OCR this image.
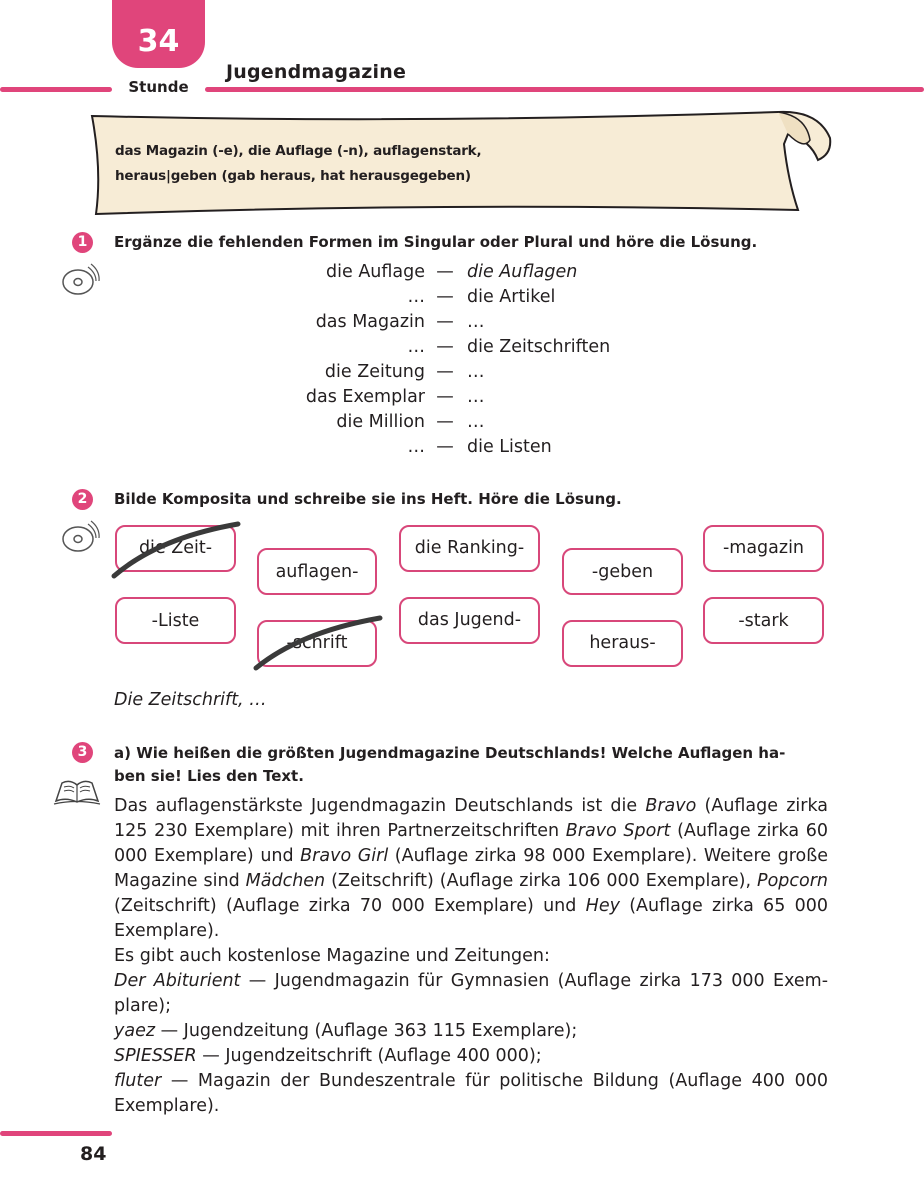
34
Stunde
Jugendmagazine
das Magazin (-e), die Auflage (-n), auflagenstark,
heraus|geben (gab heraus, hat herausgegeben)
1	Ergänze die fehlenden Formen im Singular oder Plural und höre die Lösung.
die Auflage — die Auflagen
… — die Artikel
das Magazin — …
… — die Zeitschriften
die Zeitung — …
das Exemplar — …
die Million — …
… — die Listen
2	Bilde Komposita und schreibe sie ins Heft. Höre die Lösung.
die Zeit-
auflagen-
die Ranking-
-geben
-magazin
-Liste
-schrift
das Jugend-
heraus-
-stark
Die Zeitschrift, …
3	a) Wie heißen die größten Jugendmagazine Deutschlands! Welche Auflagen ha-
ben sie! Lies den Text.

Das auflagenstärkste Jugendmagazin Deutschlands ist die Bravo (Auflage zirka 125 230 Exemplare) mit ihren Partnerzeitschriften Bravo Sport (Auflage zirka 60 000 Exemplare) und Bravo Girl (Auflage zirka 98 000 Exemplare). Weitere große Magazine sind Mädchen (Zeitschrift) (Auflage zirka 106 000 Exemplare), Popcorn (Zeitschrift) (Auflage zirka 70 000 Exemplare) und Hey (Auflage zirka 65 000 Exemplare).

Es gibt auch kostenlose Magazine und Zeitungen:

Der Abiturient — Jugendmagazin für Gymnasien (Auflage zirka 173 000 Exem-plare);

yaez — Jugendzeitung (Auflage 363 115 Exemplare);

SPIESSER — Jugendzeitschrift (Auflage 400 000);

fluter — Magazin der Bundeszentrale für politische Bildung (Auflage 400 000 Exemplare).

84
